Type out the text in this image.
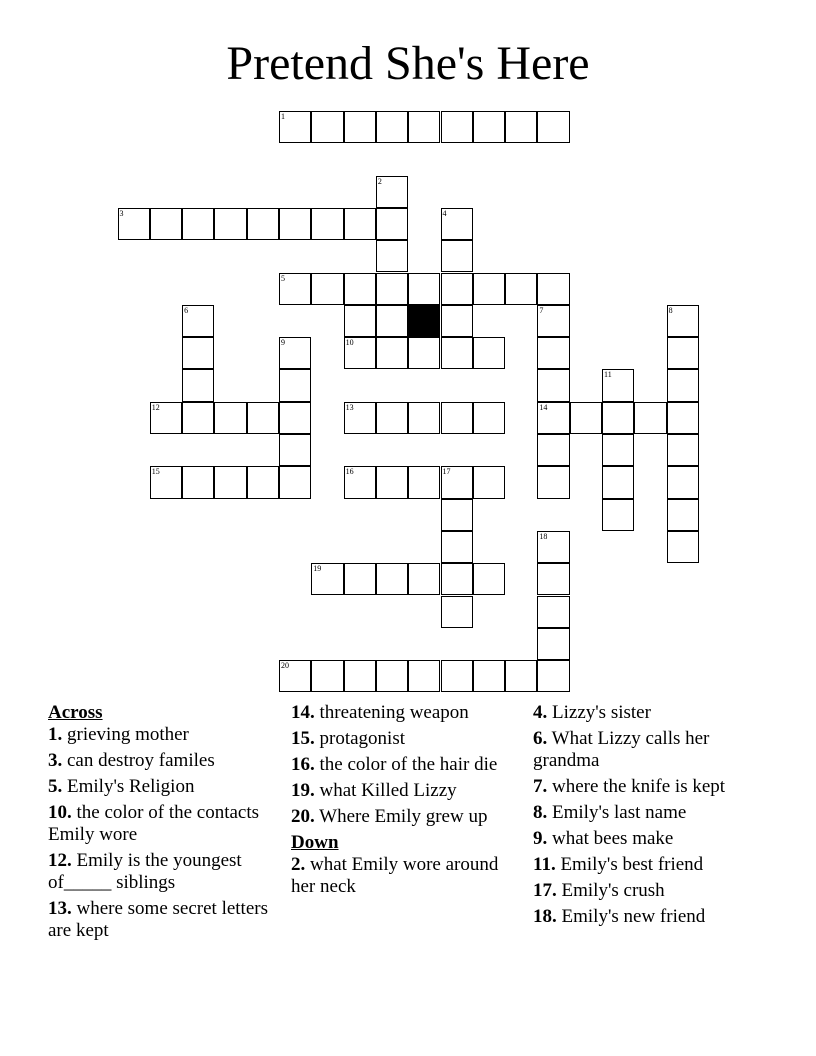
Pretend She's Here
1
2
3	4
5
6	7	8
9	10
11
12	13	14
15	16	17
18
19
20
Across
1. grieving mother
3. can destroy familes
5. Emily's Religion
10. the color of the contacts Emily wore
12. Emily is the youngest of_____ siblings
13. where some secret letters are kept
14. threatening weapon
15. protagonist
16. the color of the hair die
19. what Killed Lizzy
20. Where Emily grew up
Down
2. what Emily wore around her neck
4. Lizzy's sister
6. What Lizzy calls her grandma
7. where the knife is kept
8. Emily's last name
9. what bees make
11. Emily's best friend
17. Emily's crush
18. Emily's new friend
